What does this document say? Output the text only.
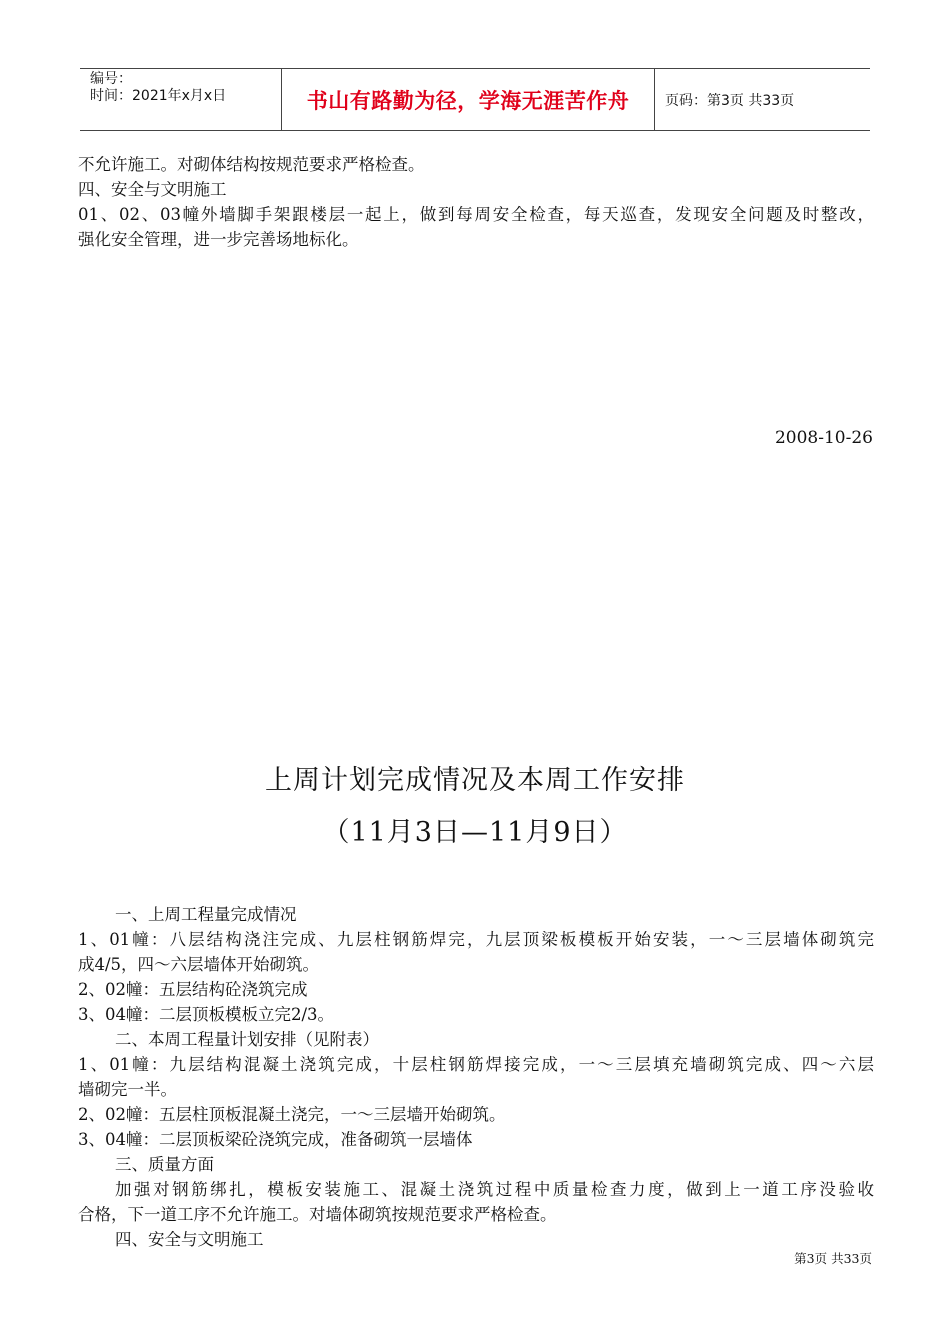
编号：
时间：2021年x月x日	书山有路勤为径，学海无涯苦作舟	页码：第3页 共33页
不允许施工。对砌体结构按规范要求严格检查。
四、安全与文明施工
01、02、03幢外墙脚手架跟楼层一起上，做到每周安全检查，每天巡查，发现安全问题及时整改，
强化安全管理，进一步完善场地标化。
2008-10-26
上周计划完成情况及本周工作安排
（11月3日—11月9日）
一、上周工程量完成情况
1、01幢：八层结构浇注完成、九层柱钢筋焊完，九层顶梁板模板开始安装，一～三层墙体砌筑完
成4/5，四～六层墙体开始砌筑。
2、02幢：五层结构砼浇筑完成
3、04幢：二层顶板模板立完2/3。
二、本周工程量计划安排（见附表）
1、01幢：九层结构混凝土浇筑完成，十层柱钢筋焊接完成，一～三层填充墙砌筑完成、四～六层
墙砌完一半。
2、02幢：五层柱顶板混凝土浇完，一～三层墙开始砌筑。
3、04幢：二层顶板梁砼浇筑完成，准备砌筑一层墙体
三、质量方面
加强对钢筋绑扎，模板安装施工、混凝土浇筑过程中质量检查力度，做到上一道工序没验收
合格，下一道工序不允许施工。对墙体砌筑按规范要求严格检查。
四、安全与文明施工
第3页 共33页
